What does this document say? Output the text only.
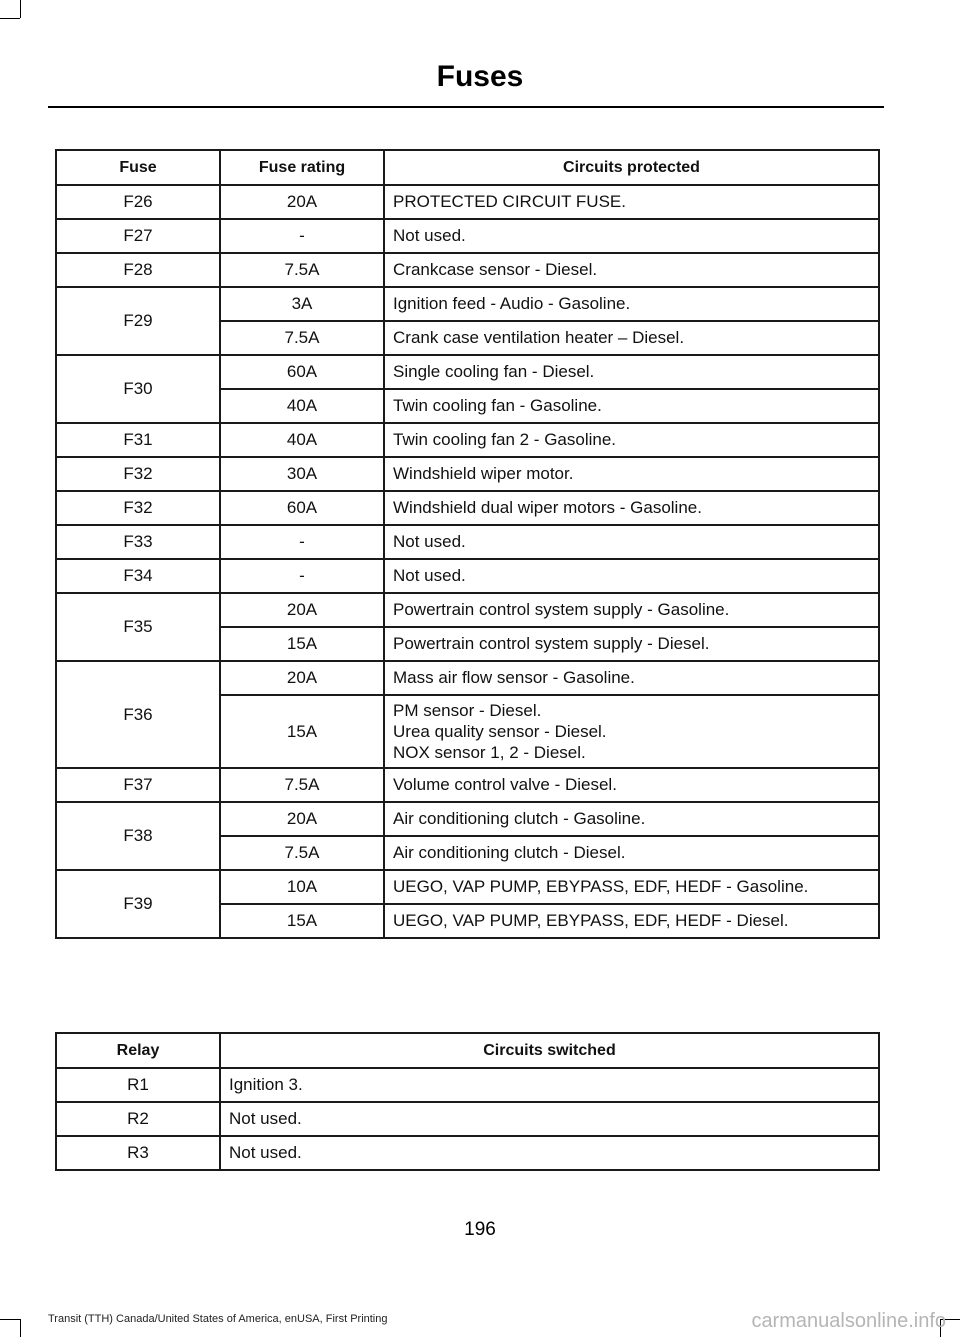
Fuses
Fuse	Fuse rating	Circuits protected
F26	20A	PROTECTED CIRCUIT FUSE.

F27	-	Not used.

F28	7.5A	Crankcase sensor - Diesel.

F29	3A	Ignition feed - Audio - Gasoline.

	7.5A	Crank case ventilation heater – Diesel.

F30	60A	Single cooling fan - Diesel.

	40A	Twin cooling fan - Gasoline.

F31	40A	Twin cooling fan 2 - Gasoline.

F32	30A	Windshield wiper motor.

F32	60A	Windshield dual wiper motors - Gasoline.

F33	-	Not used.

F34	-	Not used.

F35	20A	Powertrain control system supply - Gasoline.

	15A	Powertrain control system supply - Diesel.

F36	20A	Mass air flow sensor - Gasoline.

	15A	PM sensor - Diesel.
Urea quality sensor - Diesel.
NOX sensor 1, 2 - Diesel.

F37	7.5A	Volume control valve - Diesel.

F38	20A	Air conditioning clutch - Gasoline.

	7.5A	Air conditioning clutch - Diesel.

F39	10A	UEGO, VAP PUMP, EBYPASS, EDF, HEDF - Gasoline.

	15A	UEGO, VAP PUMP, EBYPASS, EDF, HEDF - Diesel.
Relay	Circuits switched
R1	Ignition 3.
R2	Not used.
R3	Not used.
196
Transit (TTH) Canada/United States of America, enUSA, First Printing	carmanualsonline.info
